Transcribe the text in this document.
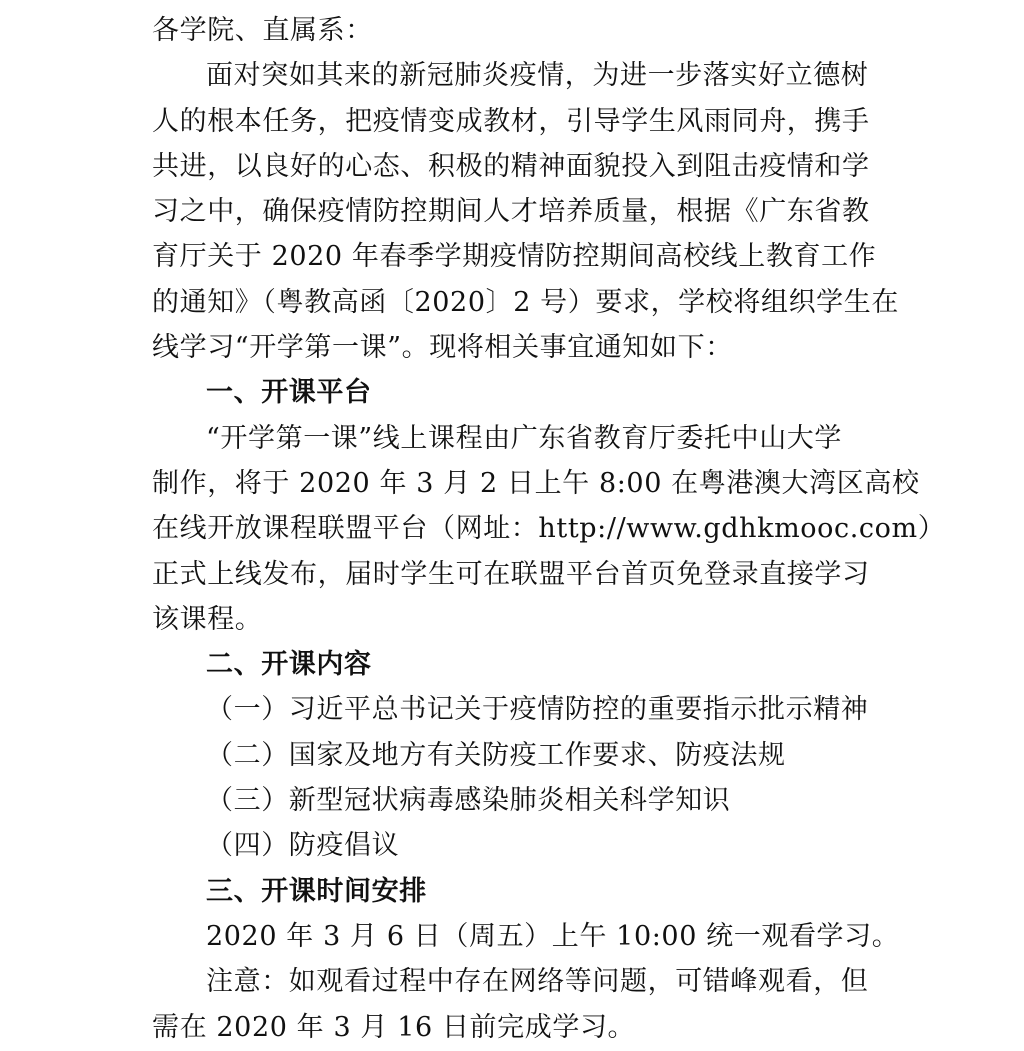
各学院、直属系：
面对突如其来的新冠肺炎疫情，为进一步落实好立德树
人的根本任务，把疫情变成教材，引导学生风雨同舟，携手
共进，以良好的心态、积极的精神面貌投入到阻击疫情和学
习之中，确保疫情防控期间人才培养质量，根据《广东省教
育厅关于 2020 年春季学期疫情防控期间高校线上教育工作
的通知》（粤教高函〔2020〕2 号）要求，学校将组织学生在
线学习“开学第一课”。现将相关事宜通知如下：
一、开课平台
“开学第一课”线上课程由广东省教育厅委托中山大学
制作，将于 2020 年 3 月 2 日上午 8:00 在粤港澳大湾区高校
在线开放课程联盟平台（网址：http://www.gdhkmooc.com）
正式上线发布，届时学生可在联盟平台首页免登录直接学习
该课程。
二、开课内容
（一）习近平总书记关于疫情防控的重要指示批示精神
（二）国家及地方有关防疫工作要求、防疫法规
（三）新型冠状病毒感染肺炎相关科学知识
（四）防疫倡议
三、开课时间安排
2020 年 3 月 6 日（周五）上午 10:00 统一观看学习。
注意：如观看过程中存在网络等问题，可错峰观看，但
需在 2020 年 3 月 16 日前完成学习。
